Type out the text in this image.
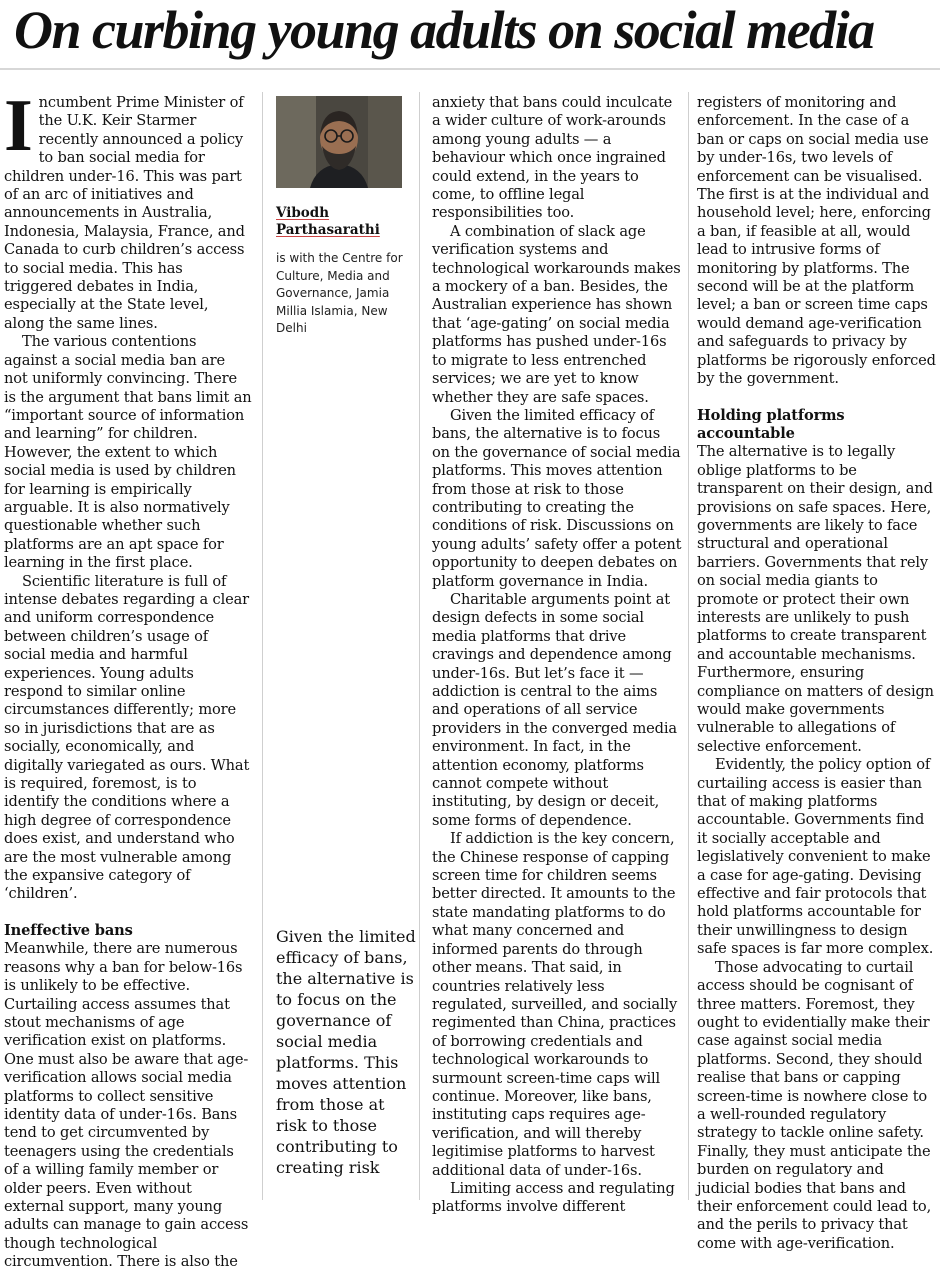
On curbing young adults on social media

Incumbent Prime Minister of the U.K. Keir Starmer recently announced a policy to ban social media for children under-16. This was part of an arc of initiatives and announcements in Australia, Indonesia, Malaysia, France, and Canada to curb children’s access to social media. This has triggered debates in India, especially at the State level, along the same lines.

The various contentions against a social media ban are not uniformly convincing. There is the argument that bans limit an “important source of information and learning” for children. However, the extent to which social media is used by children for learning is empirically arguable. It is also normatively questionable whether such platforms are an apt space for learning in the first place.

Scientific literature is full of intense debates regarding a clear and uniform correspondence between children’s usage of social media and harmful experiences. Young adults respond to similar online circumstances differently; more so in jurisdictions that are as socially, economically, and digitally variegated as ours. What is required, foremost, is to identify the conditions where a high degree of correspondence does exist, and understand who are the most vulnerable among the expansive category of ‘children’.

Ineffective bans

Meanwhile, there are numerous reasons why a ban for below-16s is unlikely to be effective. Curtailing access assumes that stout mechanisms of age verification exist on platforms. One must also be aware that age-verification allows social media platforms to collect sensitive identity data of under-16s. Bans tend to get circumvented by teenagers using the credentials of a willing family member or older peers. Even without external support, many young adults can manage to gain access though technological circumvention. There is also the

Vibodh
Parthasarathi
is with the Centre for Culture, Media and Governance, Jamia Millia Islamia, New Delhi
Given the limited efficacy of bans, the alternative is to focus on the governance of social media platforms. This moves attention from those at risk to those contributing to creating risk

anxiety that bans could inculcate a wider culture of work-arounds among young adults — a behaviour which once ingrained could extend, in the years to come, to offline legal responsibilities too.

A combination of slack age verification systems and technological workarounds makes a mockery of a ban. Besides, the Australian experience has shown that ‘age-gating’ on social media platforms has pushed under-16s to migrate to less entrenched services; we are yet to know whether they are safe spaces.

Given the limited efficacy of bans, the alternative is to focus on the governance of social media platforms. This moves attention from those at risk to those contributing to creating the conditions of risk. Discussions on young adults’ safety offer a potent opportunity to deepen debates on platform governance in India.

Charitable arguments point at design defects in some social media platforms that drive cravings and dependence among under-16s. But let’s face it — addiction is central to the aims and operations of all service providers in the converged media environment. In fact, in the attention economy, platforms cannot compete without instituting, by design or deceit, some forms of dependence.

If addiction is the key concern, the Chinese response of capping screen time for children seems better directed. It amounts to the state mandating platforms to do what many concerned and informed parents do through other means. That said, in countries relatively less regulated, surveilled, and socially regimented than China, practices of borrowing credentials and technological workarounds to surmount screen-time caps will continue. Moreover, like bans, instituting caps requires age-verification, and will thereby legitimise platforms to harvest additional data of under-16s.

Limiting access and regulating platforms involve different

registers of monitoring and enforcement. In the case of a ban or caps on social media use by under-16s, two levels of enforcement can be visualised. The first is at the individual and household level; here, enforcing a ban, if feasible at all, would lead to intrusive forms of monitoring by platforms. The second will be at the platform level; a ban or screen time caps would demand age-verification and safeguards to privacy by platforms be rigorously enforced by the government.

Holding platforms accountable

The alternative is to legally oblige platforms to be transparent on their design, and provisions on safe spaces. Here, governments are likely to face structural and operational barriers. Governments that rely on social media giants to promote or protect their own interests are unlikely to push platforms to create transparent and accountable mechanisms. Furthermore, ensuring compliance on matters of design would make governments vulnerable to allegations of selective enforcement.

Evidently, the policy option of curtailing access is easier than that of making platforms accountable. Governments find it socially acceptable and legislatively convenient to make a case for age-gating. Devising effective and fair protocols that hold platforms accountable for their unwillingness to design safe spaces is far more complex.

Those advocating to curtail access should be cognisant of three matters. Foremost, they ought to evidentially make their case against social media platforms. Second, they should realise that bans or capping screen-time is nowhere close to a well-rounded regulatory strategy to tackle online safety. Finally, they must anticipate the burden on regulatory and judicial bodies that bans and their enforcement could lead to, and the perils to privacy that come with age-verification.
